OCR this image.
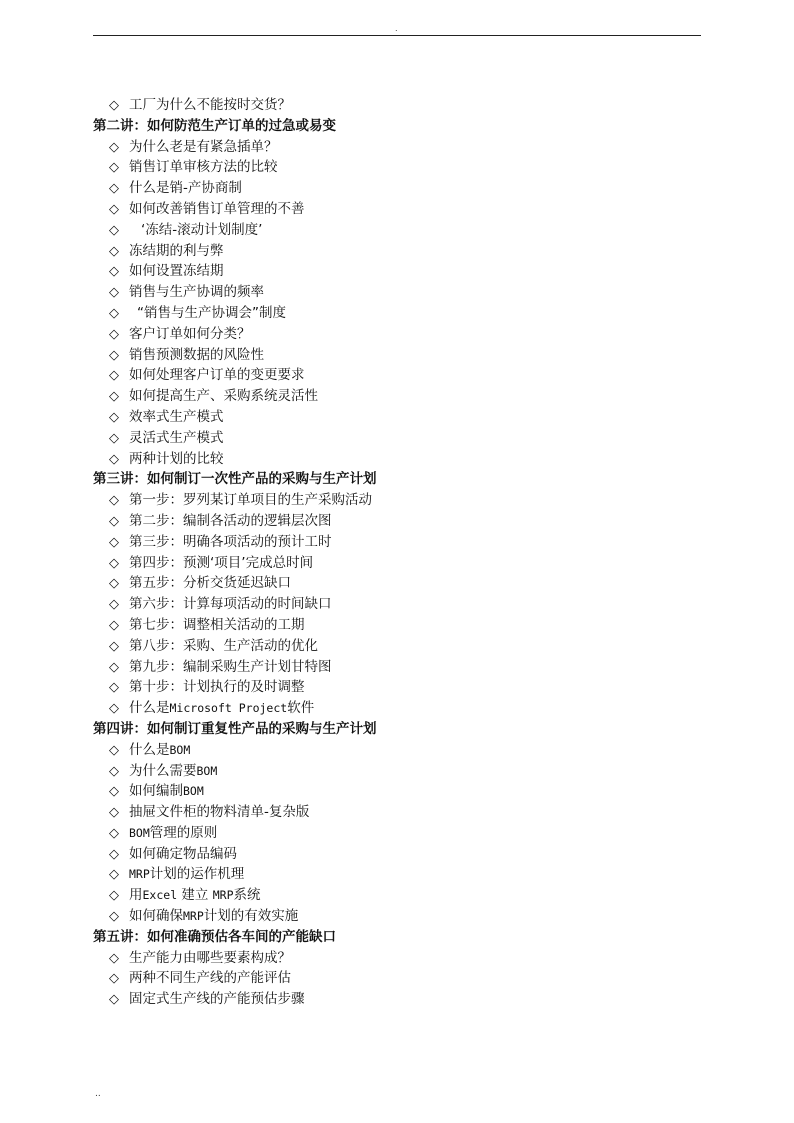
.
◇ 工厂为什么不能按时交货？
第二讲：如何防范生产订单的过急或易变
◇ 为什么老是有紧急插单？
◇ 销售订单审核方法的比较
◇ 什么是销-产协商制
◇ 如何改善销售订单管理的不善
◇ ‘冻结-滚动计划制度’
◇ 冻结期的利与弊
◇ 如何设置冻结期
◇ 销售与生产协调的频率
◇ “销售与生产协调会”制度
◇ 客户订单如何分类？
◇ 销售预测数据的风险性
◇ 如何处理客户订单的变更要求
◇ 如何提高生产、采购系统灵活性
◇ 效率式生产模式
◇ 灵活式生产模式
◇ 两种计划的比较
第三讲：如何制订一次性产品的采购与生产计划
◇ 第一步：罗列某订单项目的生产采购活动
◇ 第二步：编制各活动的逻辑层次图
◇ 第三步：明确各项活动的预计工时
◇ 第四步：预测‘项目’完成总时间
◇ 第五步：分析交货延迟缺口
◇ 第六步：计算每项活动的时间缺口
◇ 第七步：调整相关活动的工期
◇ 第八步：采购、生产活动的优化
◇ 第九步：编制采购生产计划甘特图
◇ 第十步：计划执行的及时调整
◇ 什么是Microsoft Project软件
第四讲：如何制订重复性产品的采购与生产计划
◇ 什么是BOM
◇ 为什么需要BOM
◇ 如何编制BOM
◇ 抽屉文件柜的物料清单-复杂版
◇ BOM管理的原则
◇ 如何确定物品编码
◇ MRP计划的运作机理
◇ 用Excel 建立 MRP系统
◇ 如何确保MRP计划的有效实施
第五讲：如何准确预估各车间的产能缺口
◇ 生产能力由哪些要素构成？
◇ 两种不同生产线的产能评估
◇ 固定式生产线的产能预估步骤
..
